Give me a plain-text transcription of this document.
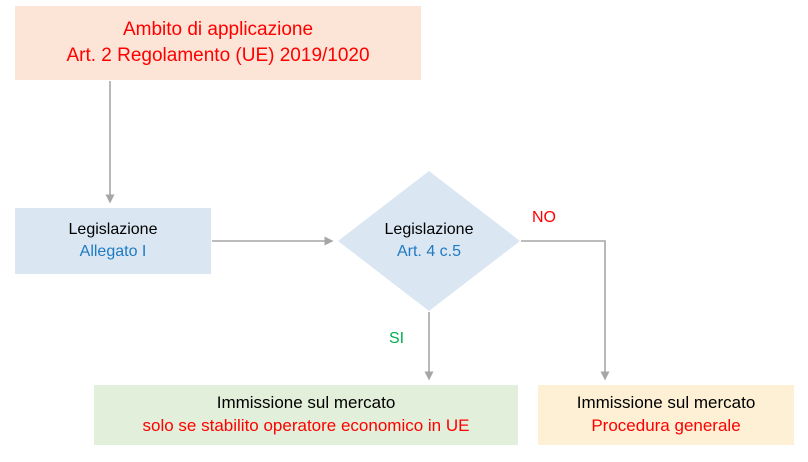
Ambito di applicazione
Art. 2 Regolamento (UE) 2019/1020
Legislazione
Allegato I
Legislazione
Art. 4 c.5
NO
SI
Immissione sul mercato
solo se stabilito operatore economico in UE
Immissione sul mercato
Procedura generale
